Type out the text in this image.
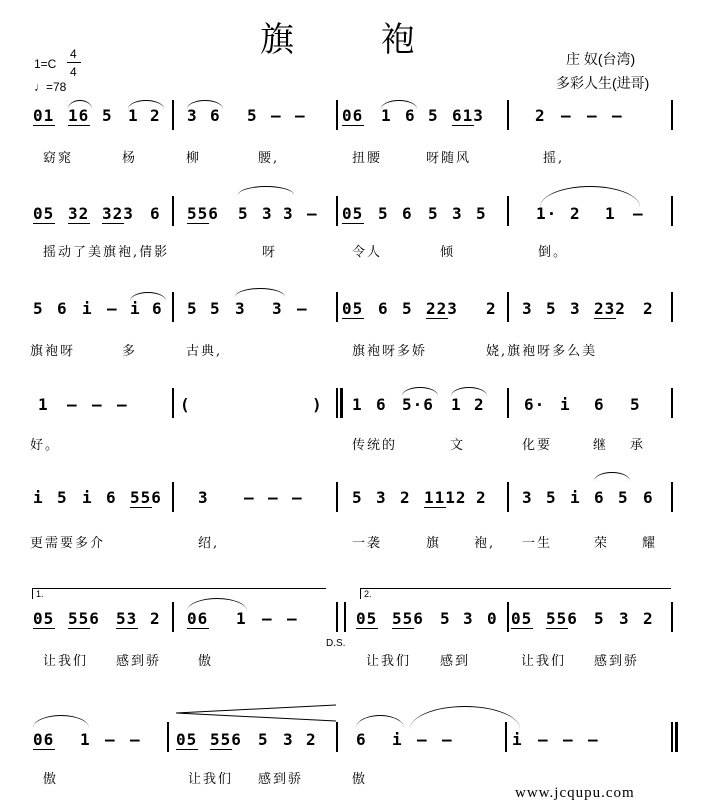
旗 袍
1=C
4
4
♩=78
庄 奴(台湾)
多彩人生(进哥)
01 16 5 1 2 3 6 5 – – 06 1 6 5 613	2 – – –
窈窕	杨	柳	腰,	扭腰	呀随风	摇,
05 32 323 6 556 5 3 3 – 05 5 6 5 3 5	1· 2 1 –
摇动了美旗袍,倩影	呀	令人	倾	倒。
5 6 i – i 6 5 5 3 3 – 05 6 5 223 2 3 5 3 232 2
旗袍呀	多	古典,	旗袍呀多娇	娆,旗袍呀多么美
1 – – –	(	) 1 6 5·6 1 2 6· i 6 5
好。	传统的	文	化要	继 承
i 5 i 6 556 3 – – –	5 3 2 1112 2 3 5 i 6 5 6
更需要多介	绍,	一袭	旗	袍, 一生	荣	耀
05 556 53 2 06 1 – –	05 556 5 3 0 05 556 5 3 2
让我们 感到骄	傲	让我们 感到	让我们 感到骄
06 1 – – 05 556 5 3 2 6 i – –	i – – –
傲	让我们 感到骄	傲
1.	2.
D.S.
www.jcqupu.com
